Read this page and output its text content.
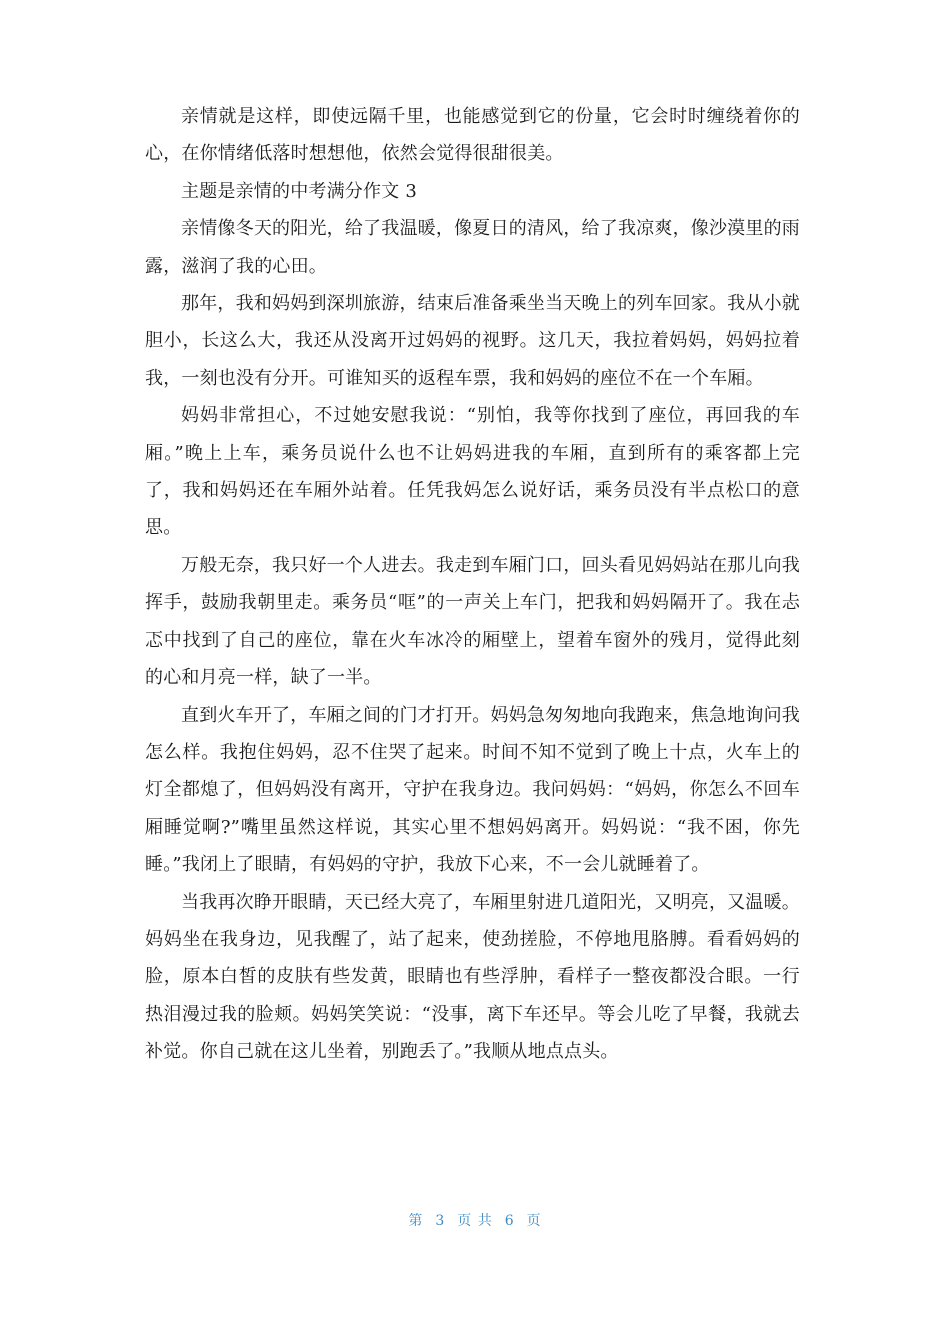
亲情就是这样，即使远隔千里，也能感觉到它的份量，它会时时缠绕着你的心，在你情绪低落时想想他，依然会觉得很甜很美。

主题是亲情的中考满分作文 3

亲情像冬天的阳光，给了我温暖，像夏日的清风，给了我凉爽，像沙漠里的雨露，滋润了我的心田。

那年，我和妈妈到深圳旅游，结束后准备乘坐当天晚上的列车回家。我从小就胆小，长这么大，我还从没离开过妈妈的视野。这几天，我拉着妈妈，妈妈拉着我，一刻也没有分开。可谁知买的返程车票，我和妈妈的座位不在一个车厢。

妈妈非常担心，不过她安慰我说：“别怕，我等你找到了座位，再回我的车厢。”晚上上车，乘务员说什么也不让妈妈进我的车厢，直到所有的乘客都上完了，我和妈妈还在车厢外站着。任凭我妈怎么说好话，乘务员没有半点松口的意思。

万般无奈，我只好一个人进去。我走到车厢门口，回头看见妈妈站在那儿向我挥手，鼓励我朝里走。乘务员“哐”的一声关上车门，把我和妈妈隔开了。我在忐忑中找到了自己的座位，靠在火车冰冷的厢壁上，望着车窗外的残月，觉得此刻的心和月亮一样，缺了一半。

直到火车开了，车厢之间的门才打开。妈妈急匆匆地向我跑来，焦急地询问我怎么样。我抱住妈妈，忍不住哭了起来。时间不知不觉到了晚上十点，火车上的灯全都熄了，但妈妈没有离开，守护在我身边。我问妈妈：“妈妈，你怎么不回车厢睡觉啊?”嘴里虽然这样说，其实心里不想妈妈离开。妈妈说：“我不困，你先睡。”我闭上了眼睛，有妈妈的守护，我放下心来，不一会儿就睡着了。

当我再次睁开眼睛，天已经大亮了，车厢里射进几道阳光，又明亮，又温暖。妈妈坐在我身边，见我醒了，站了起来，使劲搓脸，不停地甩胳膊。看看妈妈的脸，原本白皙的皮肤有些发黄，眼睛也有些浮肿，看样子一整夜都没合眼。一行热泪漫过我的脸颊。妈妈笑笑说：“没事，离下车还早。等会儿吃了早餐，我就去补觉。你自己就在这儿坐着，别跑丢了。”我顺从地点点头。

第 3 页 共 6 页
